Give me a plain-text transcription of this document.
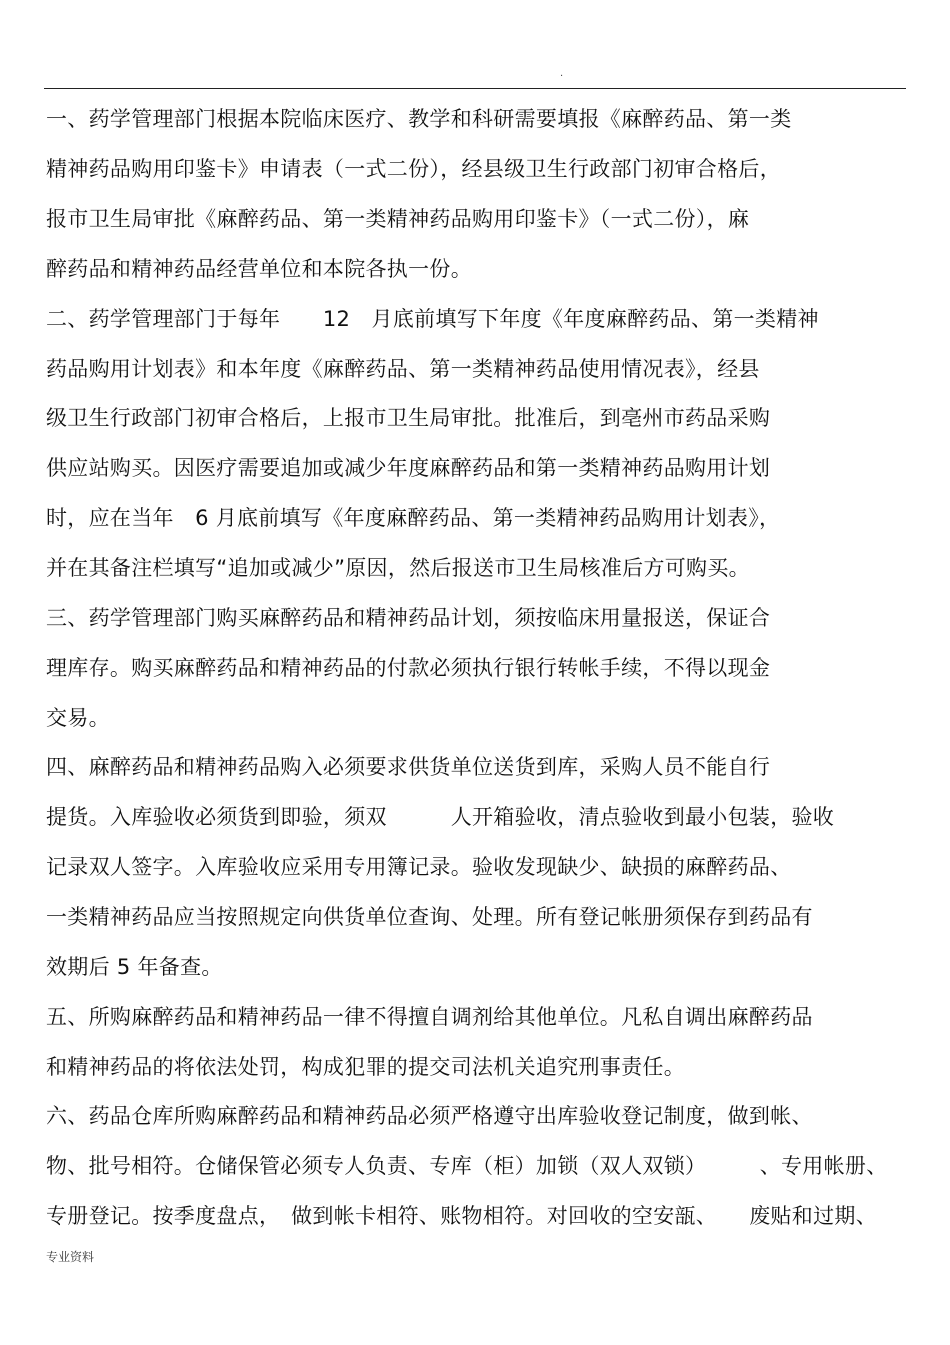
·
一、药学管理部门根据本院临床医疗、教学和科研需要填报《麻醉药品、第一类
精神药品购用印鉴卡》申请表（一式二份），经县级卫生行政部门初审合格后，
报市卫生局审批《麻醉药品、第一类精神药品购用印鉴卡》（一式二份），麻
醉药品和精神药品经营单位和本院各执一份。
二、药学管理部门于每年　　12　月底前填写下年度《年度麻醉药品、第一类精神
药品购用计划表》和本年度《麻醉药品、第一类精神药品使用情况表》，经县
级卫生行政部门初审合格后，上报市卫生局审批。批准后，到亳州市药品采购
供应站购买。因医疗需要追加或减少年度麻醉药品和第一类精神药品购用计划
时，应在当年　6 月底前填写《年度麻醉药品、第一类精神药品购用计划表》，
并在其备注栏填写“追加或减少”原因，然后报送市卫生局核准后方可购买。
三、药学管理部门购买麻醉药品和精神药品计划，须按临床用量报送，保证合
理库存。购买麻醉药品和精神药品的付款必须执行银行转帐手续，不得以现金
交易。
四、麻醉药品和精神药品购入必须要求供货单位送货到库，采购人员不能自行
提货。入库验收必须货到即验，须双　　　人开箱验收，清点验收到最小包装，验收
记录双人签字。入库验收应采用专用簿记录。验收发现缺少、缺损的麻醉药品、
一类精神药品应当按照规定向供货单位查询、处理。所有登记帐册须保存到药品有
效期后 5 年备查。
五、所购麻醉药品和精神药品一律不得擅自调剂给其他单位。凡私自调出麻醉药品
和精神药品的将依法处罚，构成犯罪的提交司法机关追究刑事责任。
六、药品仓库所购麻醉药品和精神药品必须严格遵守出库验收登记制度，做到帐、
物、批号相符。仓储保管必须专人负责、专库（柜）加锁（双人双锁）　　　、专用帐册、
专册登记。按季度盘点，　做到帐卡相符、账物相符。对回收的空安瓿、　　废贴和过期、
专业资料
